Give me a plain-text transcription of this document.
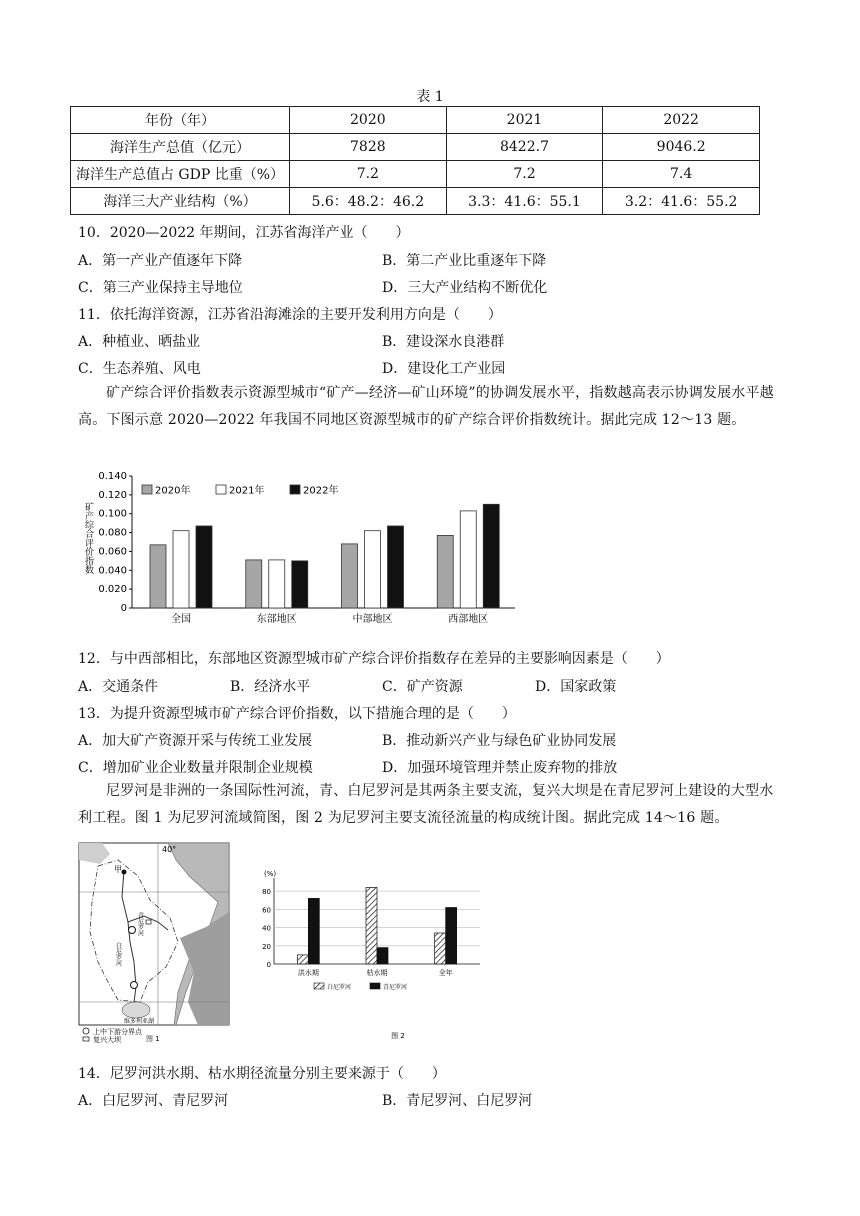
表 1
年份（年）	2020	2021	2022
海洋生产总值（亿元）	7828	8422.7	9046.2
海洋生产总值占 GDP 比重（%）	7.2	7.2	7.4
海洋三大产业结构（%）	5.6：48.2：46.2	3.3：41.6：55.1	3.2：41.6：55.2
10．2020—2022 年期间，江苏省海洋产业（　　）
A．第一产业产值逐年下降	B．第二产业比重逐年下降
C．第三产业保持主导地位	D．三大产业结构不断优化
11．依托海洋资源，江苏省沿海滩涂的主要开发利用方向是（　　）
A．种植业、晒盐业	B．建设深水良港群
C．生态养殖、风电	D．建设化工产业园
矿产综合评价指数表示资源型城市“矿产—经济—矿山环境”的协调发展水平，指数越高表示协调发展水平越高。下图示意 2020—2022 年我国不同地区资源型城市的矿产综合评价指数统计。据此完成 12～13 题。
0
0.020
0.040
0.060
0.080
0.100
0.120
0.140
矿产综合评价指数
全国	东部地区	中部地区	西部地区
2020年	2021年	2022年
12．与中西部相比，东部地区资源型城市矿产综合评价指数存在差异的主要影响因素是（　　）
A．交通条件	B．经济水平	C．矿产资源	D．国家政策
13．为提升资源型城市矿产综合评价指数，以下措施合理的是（　　）
A．加大矿产资源开采与传统工业发展	B．推动新兴产业与绿色矿业协同发展
C．增加矿业企业数量并限制企业规模	D．加强环境管理并禁止废弃物的排放
尼罗河是非洲的一条国际性河流，青、白尼罗河是其两条主要支流，复兴大坝是在青尼罗河上建设的大型水利工程。图 1 为尼罗河流域简图，图 2 为尼罗河主要支流径流量的构成统计图。据此完成 14～16 题。
40°
甲
白尼罗河
青尼罗河
维多利亚湖
上中下游分界点
复兴大坝	图 1
0
20
40
60
80
(%)
洪水期	枯水期	全年
白尼罗河	青尼罗河
图 2
14．尼罗河洪水期、枯水期径流量分别主要来源于（　　）
A．白尼罗河、青尼罗河	B．青尼罗河、白尼罗河
